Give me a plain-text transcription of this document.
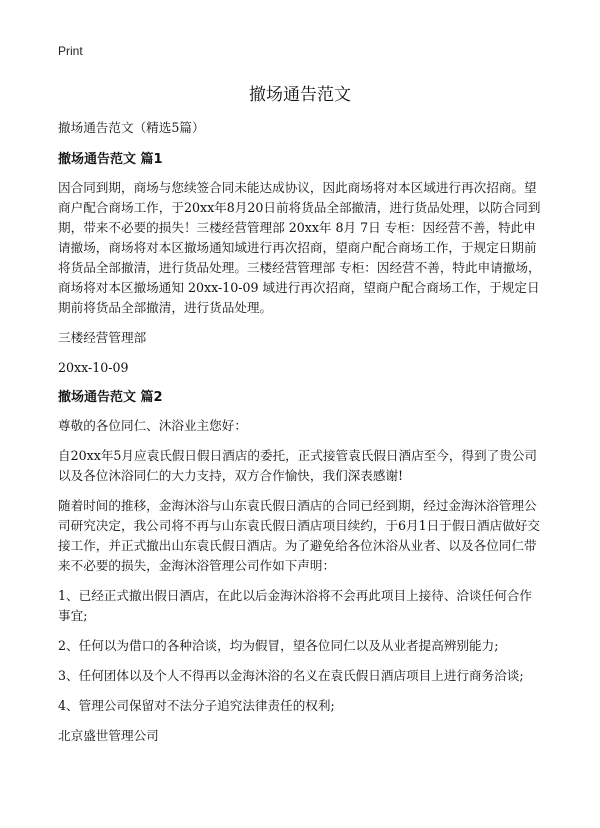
Print
撤场通告范文

撤场通告范文（精选5篇）

撤场通告范文 篇1

因合同到期，商场与您续签合同未能达成协议，因此商场将对本区域进行再次招商。望商户配合商场工作，于20xx年8月20日前将货品全部撤清，进行货品处理，以防合同到期，带来不必要的损失！三楼经营管理部 20xx年 8月 7日 专柜：因经营不善，特此申请撤场，商场将对本区撤场通知域进行再次招商，望商户配合商场工作，于规定日期前将货品全部撤清，进行货品处理。三楼经营管理部 专柜：因经营不善，特此申请撤场，商场将对本区撤场通知 20xx-10-09 域进行再次招商，望商户配合商场工作，于规定日期前将货品全部撤清，进行货品处理。

三楼经营管理部

20xx-10-09

撤场通告范文 篇2

尊敬的各位同仁、沐浴业主您好：

自20xx年5月应袁氏假日假日酒店的委托，正式接管袁氏假日酒店至今，得到了贵公司以及各位沐浴同仁的大力支持，双方合作愉快，我们深表感谢!

随着时间的推移，金海沐浴与山东袁氏假日酒店的合同已经到期，经过金海沐浴管理公司研究决定，我公司将不再与山东袁氏假日酒店项目续约，于6月1日于假日酒店做好交接工作，并正式撤出山东袁氏假日酒店。为了避免给各位沐浴从业者、以及各位同仁带来不必要的损失，金海沐浴管理公司作如下声明：

1、已经正式撤出假日酒店，在此以后金海沐浴将不会再此项目上接待、洽谈任何合作事宜;

2、任何以为借口的各种洽谈，均为假冒，望各位同仁以及从业者提高辨别能力;

3、任何团体以及个人不得再以金海沐浴的名义在袁氏假日酒店项目上进行商务洽谈;

4、管理公司保留对不法分子追究法律责任的权利;

北京盛世管理公司
